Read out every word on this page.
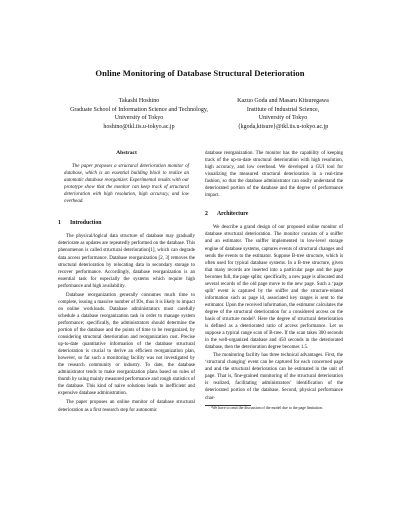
Online Monitoring of Database Structural Deterioration
Takashi Hoshino
Graduate School of Information Science and Technology,
University of Tokyo
hoshino@tkl.iis.u-tokyo.ac.jp
Kazuo Goda and Masaru Kitsuregawa
Institute of Industrial Science,
University of Tokyo
{kgoda,kitsure}@tkl.iis.u-tokyo.ac.jp
Abstract
The paper proposes a structural deterioration monitor of database, which is an essential building block to realize an automatic database reorganizer. Experimental results with our prototype show that the monitor can keep track of structural deterioration with high resolution, high accuracy, and low overhead.
1 Introduction

The physical/logical data structure of database may gradually deteriorate as updates are repeatedly performed on the database. This phenomenon is called structural deterioration[1], which can degrade data access performance. Database reorganization [2, 3] removes the structural deterioration by relocating data in secondary storage to recover performance. Accordingly, database reorganization is an essential task for especially the systems which require high performance and high availability.

Database reorganization generally consumes much time to complete, issuing a massive number of IOs, thus it is likely to impact on online workloads. Database administrators must carefully schedule a database reorganization task in order to manage system performance; specifically, the administrators should determine the portion of the database and the points of time to be reorganized, by considering structural deterioration and reorganization cost. Precise up-to-date quantitative information of the database structural deterioration is crucial to derive an efficient reorganization plan, however, so far such a monitoring facility was not investigated by the research community or industry. To date, the database administrator tends to make reorganization plans based on rules of thumb by using mainly measured performance and rough statistics of the database. This kind of naive solutions leads to inefficient and expensive database administration.

The paper proposes an online monitor of database structural deterioration as a first research step for autonomic

database reorganization. The monitor has the capability of keeping track of the up-to-date structural deterioration with high resolution, high accuracy, and low overhead. We developed a GUI tool for visualizing the measured structural deterioration in a real-time fashion, so that the database administrator can easily understand the deteriorated portion of the database and the degree of performance impact.

2 Architecture

We describe a grand design of our proposed online monitor of database structural deterioration. The monitor consists of a sniffer and an estimator. The sniffer implemented in low-level storage engine of database systems, captures events of structural changes and sends the events to the estimator. Suppose B-tree structure, which is often used for typical database systems. In a B-tree structure, given that many records are inserted into a particular page and the page becomes full, the page splits; specifically, a new page is allocated and several records of the old page move to the new page. Such a ‘page split’ event is captured by the sniffer and the structure-related information such as page id, associated key ranges is sent to the estimator. Upon the received information, the estimator calculates the degree of the structural deterioration for a considered access on the basis of structure model¹. Here the degree of structural deterioration is defined as a deteriorated ratio of access performance. Let us suppose a typical range scan of B-tree. If the scan takes 300 seconds in the well-organized database and 450 seconds in the deteriorated database, then the deterioration degree becomes 1.5.

The monitoring facility has three technical advantages. First, the ‘structural changing’ event can be captured for each concerned page and and the structural deterioration can be estimated in the unit of page. That is, fine-grained monitoring of the structural deterioration is realized, facilitating administrators’ identification of the deteriorated portion of the database. Second, physical performance char-

¹We have to omit the discussion of the model due to the page limitation.
